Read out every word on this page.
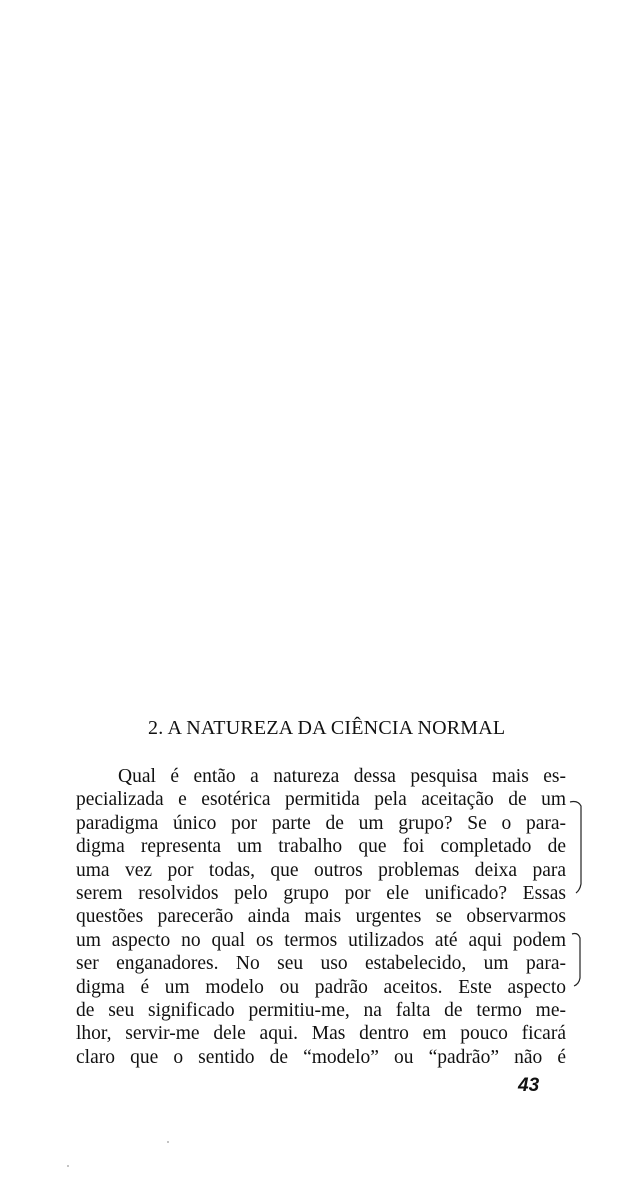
2. A NATUREZA DA CIÊNCIA NORMAL
Qual é então a natureza dessa pesquisa mais es-
pecializada e esotérica permitida pela aceitação de um
paradigma único por parte de um grupo? Se o para-
digma representa um trabalho que foi completado de
uma vez por todas, que outros problemas deixa para
serem resolvidos pelo grupo por ele unificado? Essas
questões parecerão ainda mais urgentes se observarmos
um aspecto no qual os termos utilizados até aqui podem
ser enganadores. No seu uso estabelecido, um para-
digma é um modelo ou padrão aceitos. Este aspecto
de seu significado permitiu-me, na falta de termo me-
lhor, servir-me dele aqui. Mas dentro em pouco ficará
claro que o sentido de “modelo” ou “padrão” não é
43
